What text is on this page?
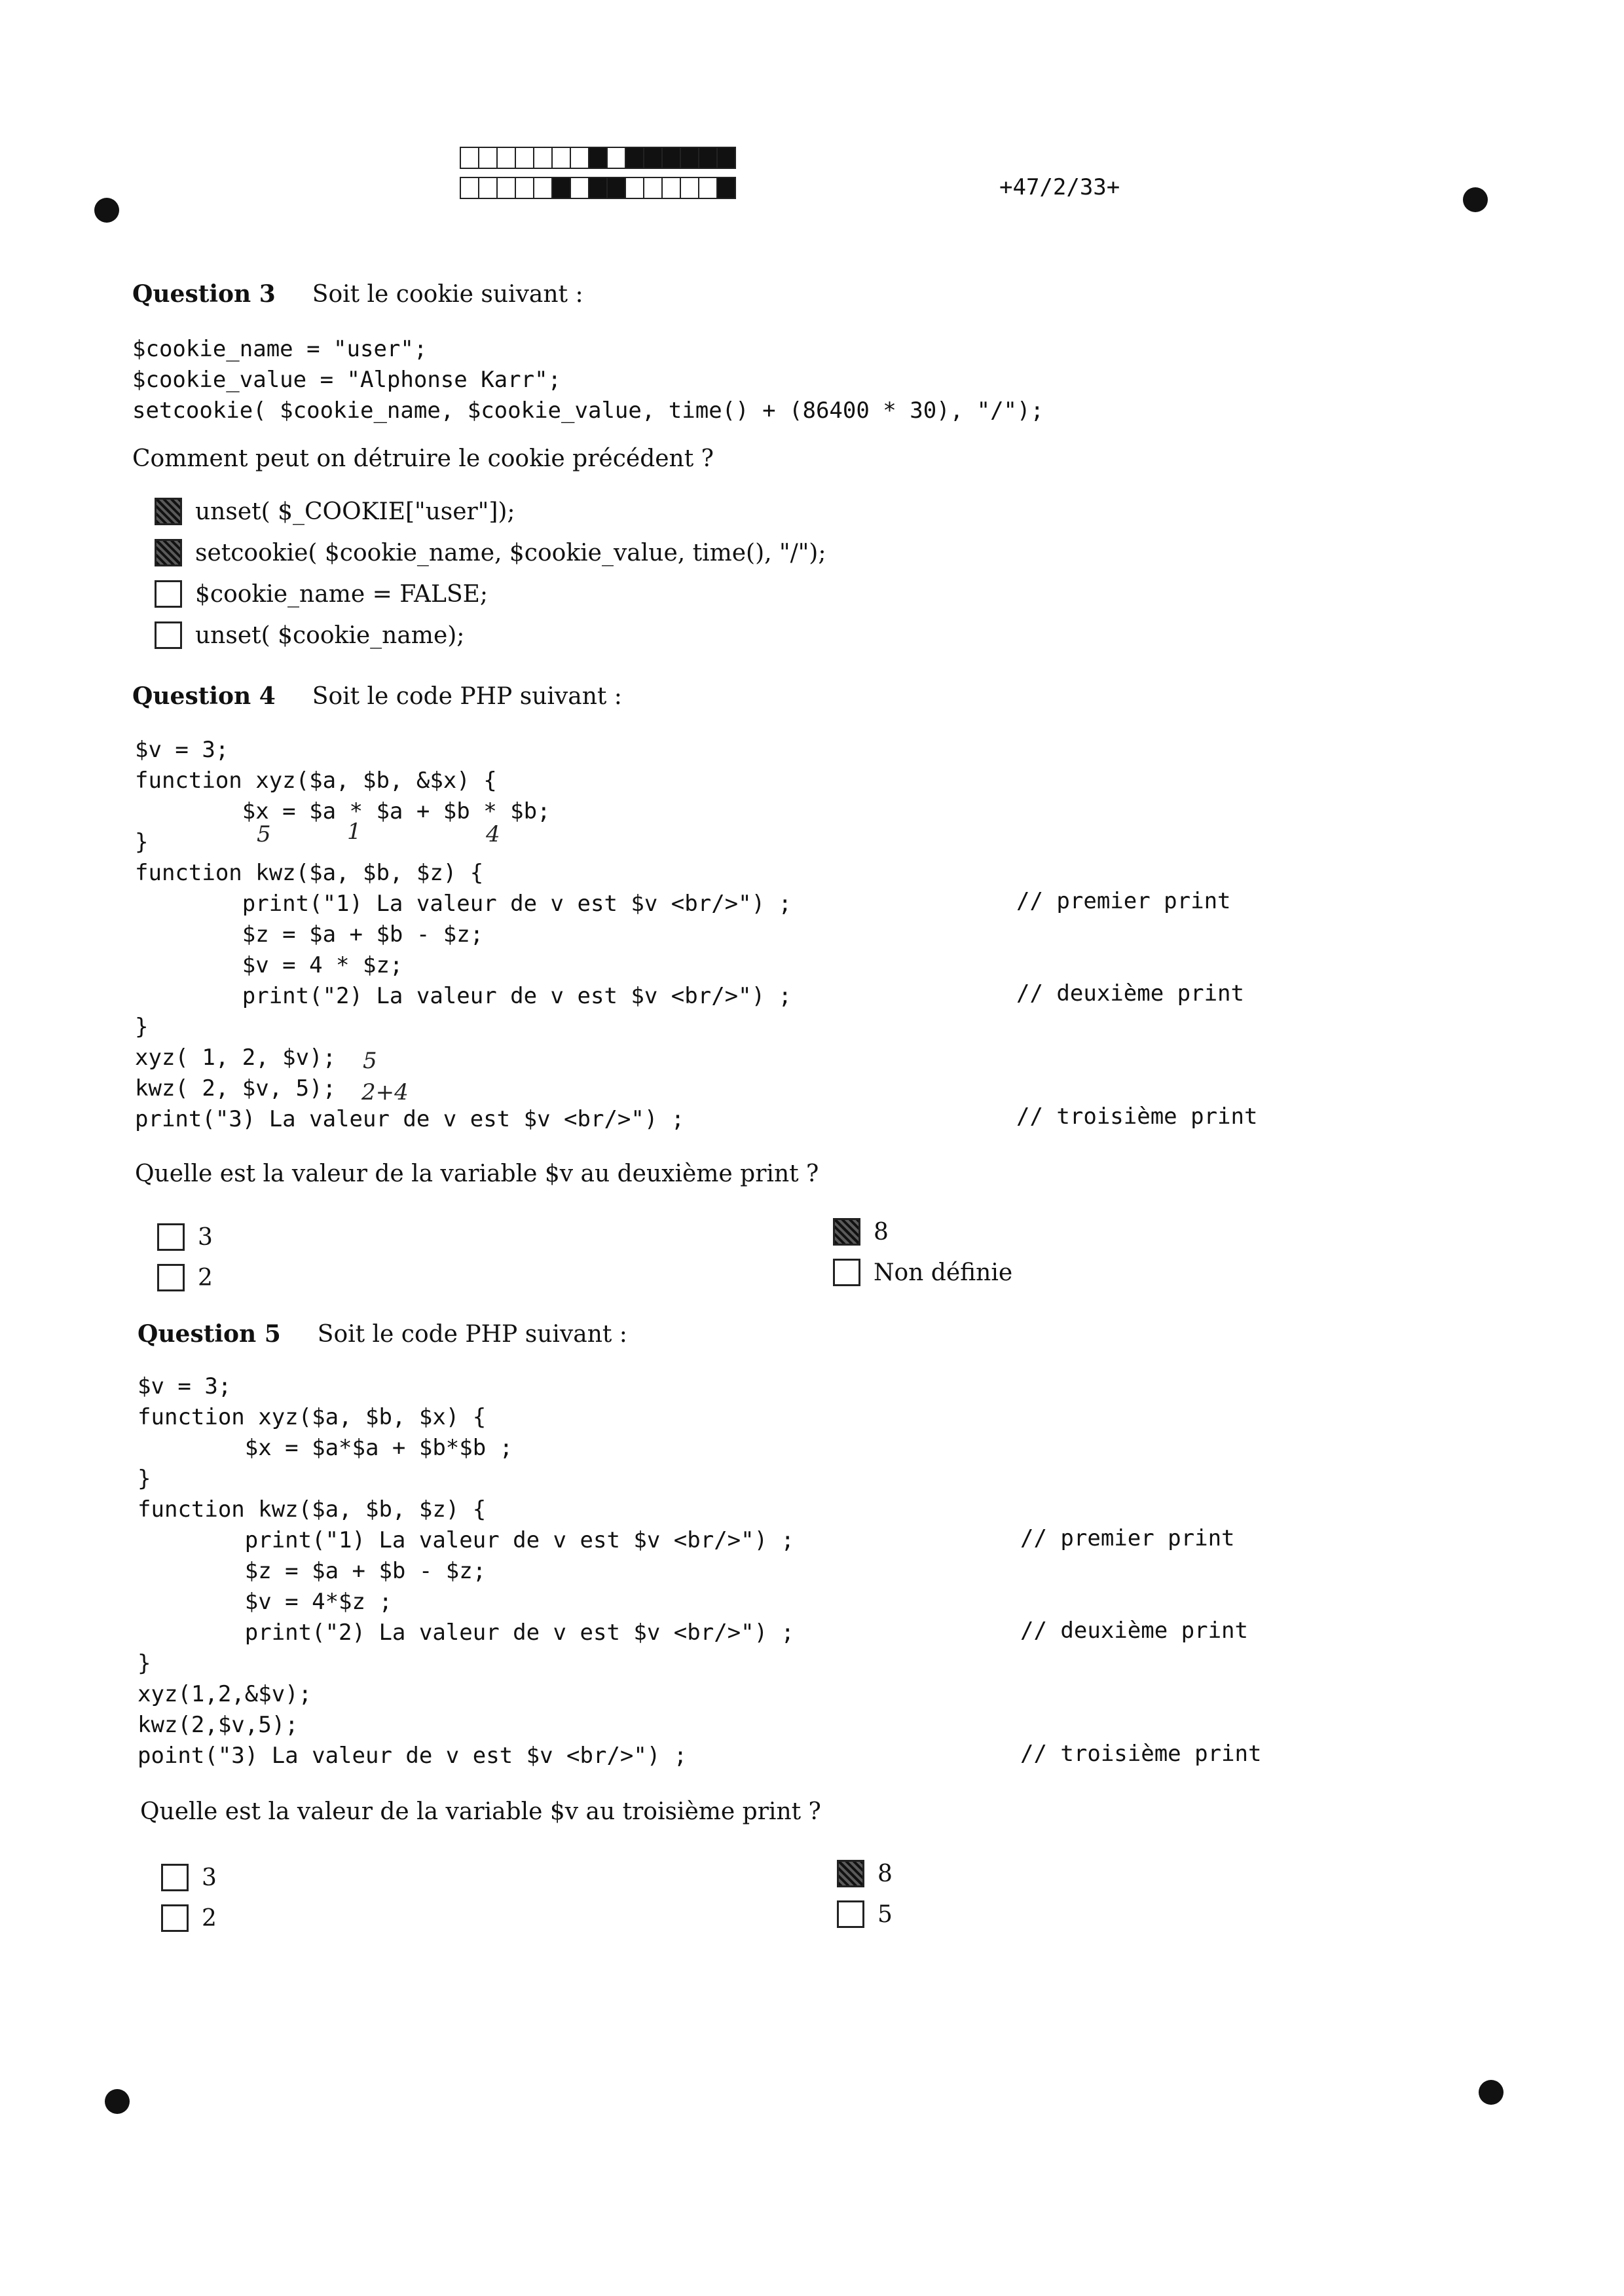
+47/2/33+
Question 3 Soit le cookie suivant :
$cookie_name = "user";
$cookie_value = "Alphonse Karr";
setcookie( $cookie_name, $cookie_value, time() + (86400 * 30), "/");
Comment peut on détruire le cookie précédent ?
unset( $_COOKIE["user"]);
setcookie( $cookie_name, $cookie_value, time(), "/");
$cookie_name = FALSE;
unset( $cookie_name);
Question 4 Soit le code PHP suivant :
$v = 3;
function xyz($a, $b, &$x) {
$x = $a * $a + $b * $b;
}
function kwz($a, $b, $z) {
print("1) La valeur de v est $v <br/>") ;
$z = $a + $b - $z;
$v = 4 * $z;
print("2) La valeur de v est $v <br/>") ;
}
xyz( 1, 2, $v);
kwz( 2, $v, 5);
print("3) La valeur de v est $v <br/>") ;
// premier print
// deuxième print
// troisième print
5	1	4
5
2+4
Quelle est la valeur de la variable $v au deuxième print ?
3
2
8
Non définie
Question 5 Soit le code PHP suivant :
$v = 3;
function xyz($a, $b, $x) {
$x = $a*$a + $b*$b ;
}
function kwz($a, $b, $z) {
print("1) La valeur de v est $v <br/>") ;
$z = $a + $b - $z;
$v = 4*$z ;
print("2) La valeur de v est $v <br/>") ;
}
xyz(1,2,&$v);
kwz(2,$v,5);
point("3) La valeur de v est $v <br/>") ;
// premier print
// deuxième print
// troisième print
Quelle est la valeur de la variable $v au troisième print ?
3
2
8
5
